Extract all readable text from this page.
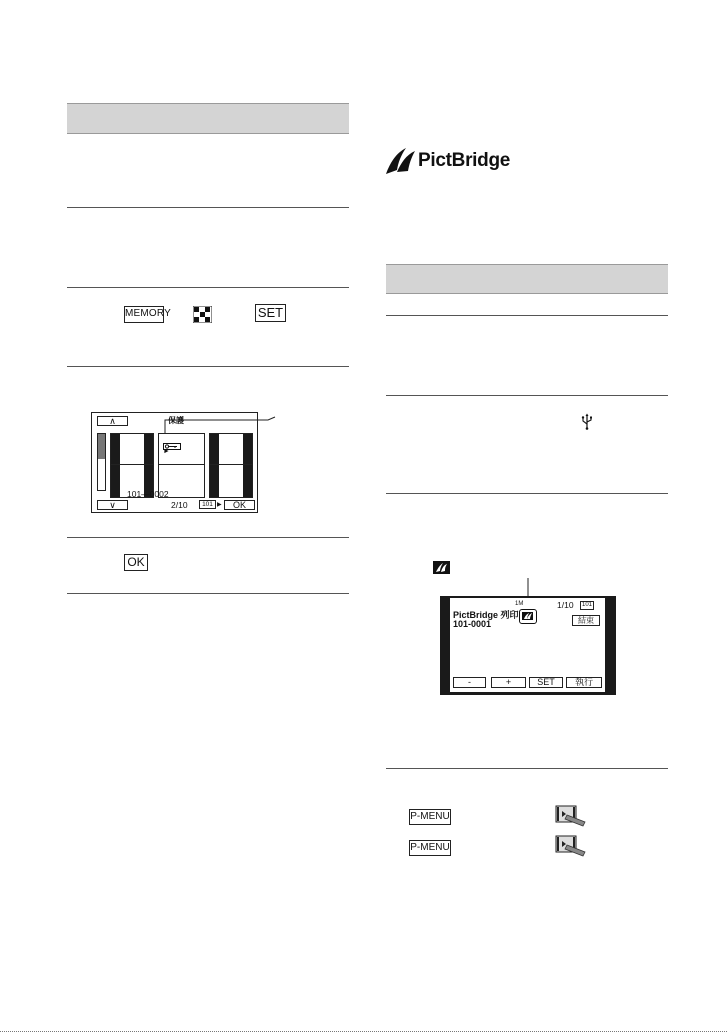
MEMORY	SET
∧	保護
►
101—0002
∨	2/10	101 ▶	OK
OK
PictBridge
1M
PictBridge 列印
101-0001
1/10	101 ▷
結束
-	+	SET	執行
P-MENU
P-MENU
